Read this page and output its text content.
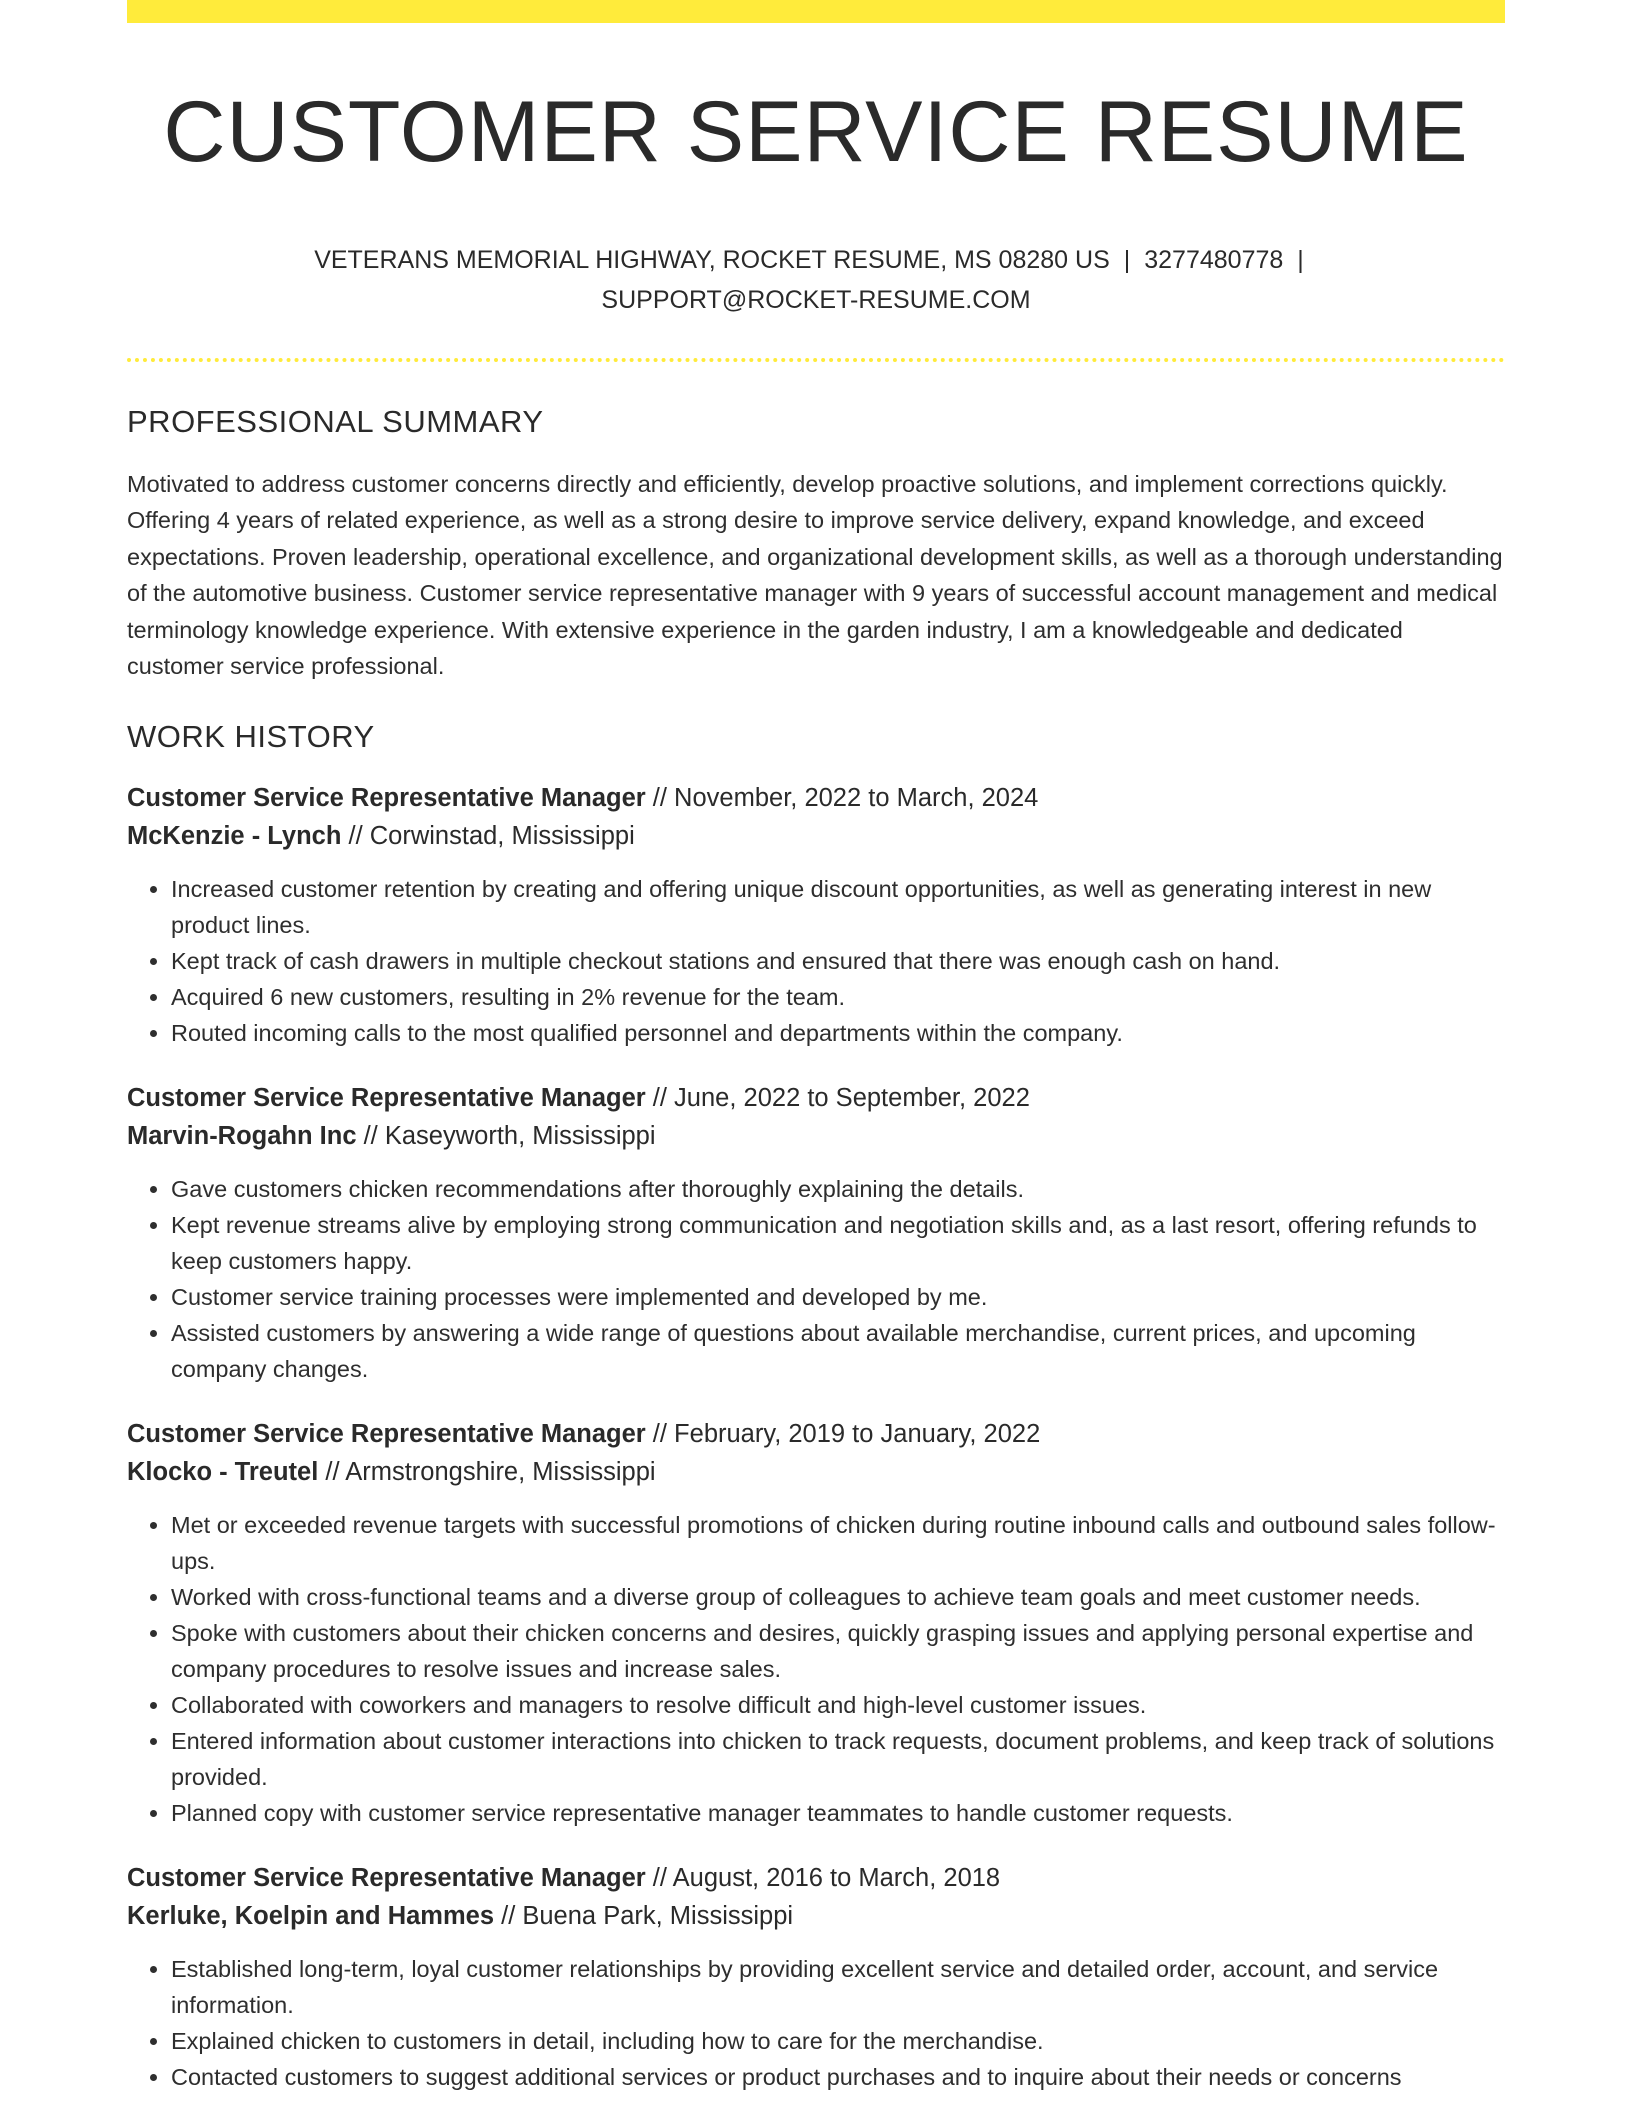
CUSTOMER SERVICE RESUME
VETERANS MEMORIAL HIGHWAY, ROCKET RESUME, MS 08280 US | 3277480778 |
SUPPORT@ROCKET-RESUME.COM
PROFESSIONAL SUMMARY

Motivated to address customer concerns directly and efficiently, develop proactive solutions, and implement corrections quickly. Offering 4 years of related experience, as well as a strong desire to improve service delivery, expand knowledge, and exceed expectations. Proven leadership, operational excellence, and organizational development skills, as well as a thorough understanding of the automotive business. Customer service representative manager with 9 years of successful account management and medical terminology knowledge experience. With extensive experience in the garden industry, I am a knowledgeable and dedicated customer service professional.

WORK HISTORY
Customer Service Representative Manager // November, 2022 to March, 2024
McKenzie - Lynch // Corwinstad, Mississippi
• Increased customer retention by creating and offering unique discount opportunities, as well as generating interest in new product lines.
• Kept track of cash drawers in multiple checkout stations and ensured that there was enough cash on hand.
• Acquired 6 new customers, resulting in 2% revenue for the team.
• Routed incoming calls to the most qualified personnel and departments within the company.
Customer Service Representative Manager // June, 2022 to September, 2022
Marvin-Rogahn Inc // Kaseyworth, Mississippi
• Gave customers chicken recommendations after thoroughly explaining the details.
• Kept revenue streams alive by employing strong communication and negotiation skills and, as a last resort, offering refunds to keep customers happy.
• Customer service training processes were implemented and developed by me.
• Assisted customers by answering a wide range of questions about available merchandise, current prices, and upcoming company changes.
Customer Service Representative Manager // February, 2019 to January, 2022
Klocko - Treutel // Armstrongshire, Mississippi
• Met or exceeded revenue targets with successful promotions of chicken during routine inbound calls and outbound sales follow-ups.
• Worked with cross-functional teams and a diverse group of colleagues to achieve team goals and meet customer needs.
• Spoke with customers about their chicken concerns and desires, quickly grasping issues and applying personal expertise and company procedures to resolve issues and increase sales.
• Collaborated with coworkers and managers to resolve difficult and high-level customer issues.
• Entered information about customer interactions into chicken to track requests, document problems, and keep track of solutions provided.
• Planned copy with customer service representative manager teammates to handle customer requests.
Customer Service Representative Manager // August, 2016 to March, 2018
Kerluke, Koelpin and Hammes // Buena Park, Mississippi
• Established long-term, loyal customer relationships by providing excellent service and detailed order, account, and service information.
• Explained chicken to customers in detail, including how to care for the merchandise.
• Contacted customers to suggest additional services or product purchases and to inquire about their needs or concerns
